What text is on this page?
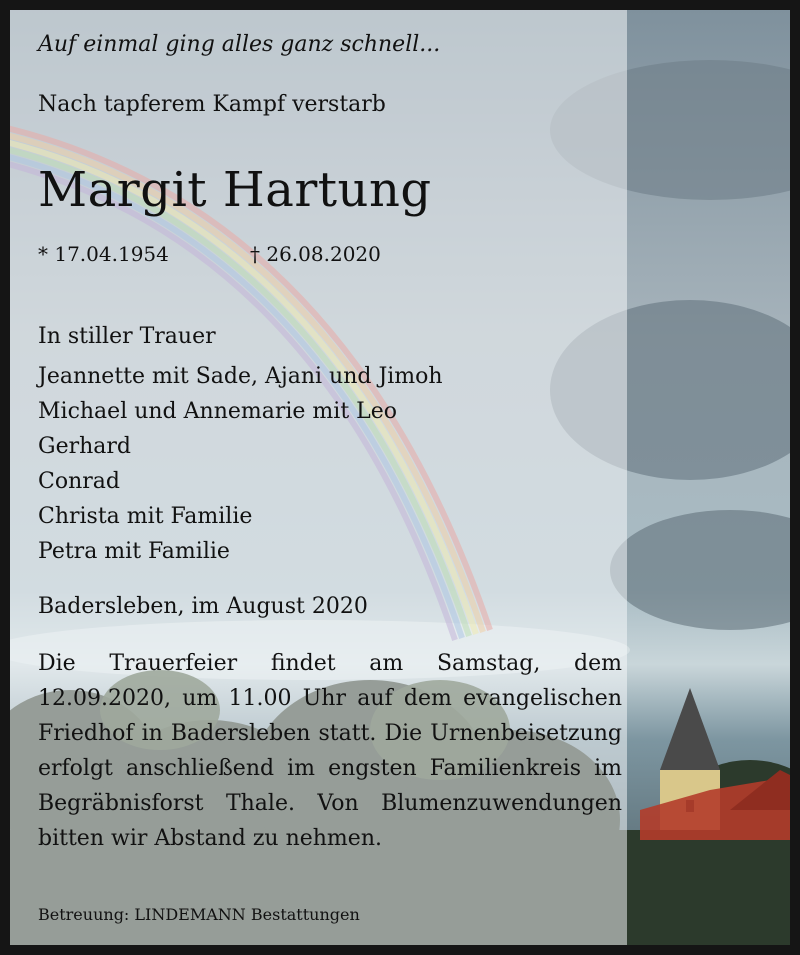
Auf einmal ging alles ganz schnell...
Nach tapferem Kampf verstarb
Margit Hartung
* 17.04.1954	† 26.08.2020
In stiller Trauer
Jeannette mit Sade, Ajani und Jimoh
Michael und Annemarie mit Leo
Gerhard
Conrad
Christa mit Familie
Petra mit Familie
Badersleben, im August 2020
Die Trauerfeier findet am Samstag, dem 12.09.2020, um 11.00 Uhr auf dem evangelischen Friedhof in Badersleben statt. Die Urnenbeisetzung erfolgt anschließend im engsten Familienkreis im Begräbnisforst Thale. Von Blumenzuwendungen bitten wir Abstand zu nehmen.
Betreuung: LINDEMANN Bestattungen
